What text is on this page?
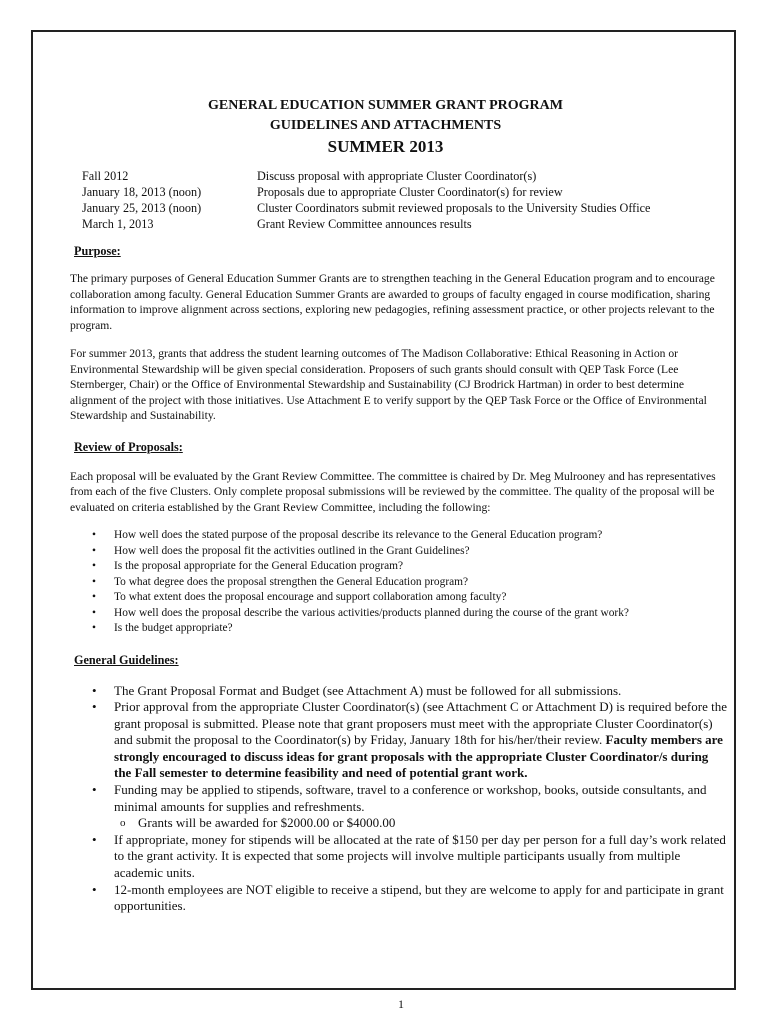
GENERAL EDUCATION SUMMER GRANT PROGRAM
GUIDELINES AND ATTACHMENTS
SUMMER 2013
Fall 2012	Discuss proposal with appropriate Cluster Coordinator(s)
January 18, 2013 (noon)	Proposals due to appropriate Cluster Coordinator(s) for review
January 25, 2013 (noon)	Cluster Coordinators submit reviewed proposals to the University Studies Office
March 1, 2013	Grant Review Committee announces results
Purpose:

The primary purposes of General Education Summer Grants are to strengthen teaching in the General Education program and to encourage collaboration among faculty. General Education Summer Grants are awarded to groups of faculty engaged in course modification, sharing information to improve alignment across sections, exploring new pedagogies, refining assessment practice, or other projects relevant to the program.

For summer 2013, grants that address the student learning outcomes of The Madison Collaborative: Ethical Reasoning in Action or Environmental Stewardship will be given special consideration. Proposers of such grants should consult with QEP Task Force (Lee Sternberger, Chair) or the Office of Environmental Stewardship and Sustainability (CJ Brodrick Hartman) in order to best determine alignment of the project with those initiatives. Use Attachment E to verify support by the QEP Task Force or the Office of Environmental Stewardship and Sustainability.

Review of Proposals:

Each proposal will be evaluated by the Grant Review Committee. The committee is chaired by Dr. Meg Mulrooney and has representatives from each of the five Clusters. Only complete proposal submissions will be reviewed by the committee. The quality of the proposal will be evaluated on criteria established by the Grant Review Committee, including the following:

• How well does the stated purpose of the proposal describe its relevance to the General Education program?
• How well does the proposal fit the activities outlined in the Grant Guidelines?
• Is the proposal appropriate for the General Education program?
• To what degree does the proposal strengthen the General Education program?
• To what extent does the proposal encourage and support collaboration among faculty?
• How well does the proposal describe the various activities/products planned during the course of the grant work?
• Is the budget appropriate?
General Guidelines:
• The Grant Proposal Format and Budget (see Attachment A) must be followed for all submissions.
• Prior approval from the appropriate Cluster Coordinator(s) (see Attachment C or Attachment D) is required before the grant proposal is submitted. Please note that grant proposers must meet with the appropriate Cluster Coordinator(s) and submit the proposal to the Coordinator(s) by Friday, January 18th for his/her/their review. Faculty members are strongly encouraged to discuss ideas for grant proposals with the appropriate Cluster Coordinator/s during the Fall semester to determine feasibility and need of potential grant work.
• Funding may be applied to stipends, software, travel to a conference or workshop, books, outside consultants, and minimal amounts for supplies and refreshments.
o Grants will be awarded for $2000.00 or $4000.00
• If appropriate, money for stipends will be allocated at the rate of $150 per day per person for a full day’s work related to the grant activity. It is expected that some projects will involve multiple participants usually from multiple academic units.
• 12-month employees are NOT eligible to receive a stipend, but they are welcome to apply for and participate in grant opportunities.
1
